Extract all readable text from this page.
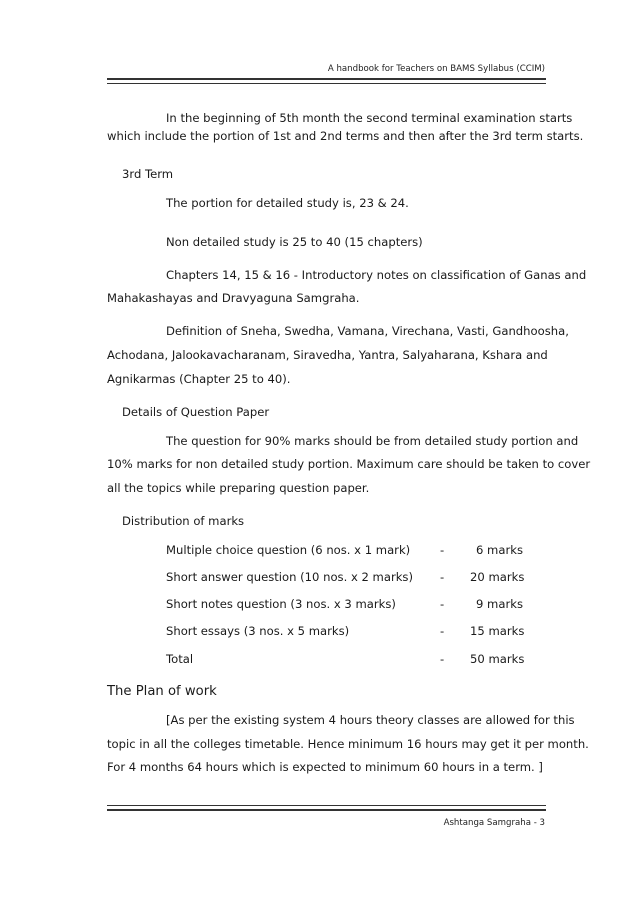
A handbook for Teachers on BAMS Syllabus (CCIM)
In the beginning of 5th month the second terminal examination starts
which include the portion of 1st and 2nd terms and then after the 3rd term starts.
3rd Term
The portion for detailed study is, 23 & 24.
Non detailed study is 25 to 40 (15 chapters)
Chapters 14, 15 & 16 - Introductory notes on classification of Ganas and
Mahakashayas and Dravyaguna Samgraha.
Definition of Sneha, Swedha, Vamana, Virechana, Vasti, Gandhoosha,
Achodana, Jalookavacharanam, Siravedha, Yantra, Salyaharana, Kshara and
Agnikarmas (Chapter 25 to 40).
Details of Question Paper
The question for 90% marks should be from detailed study portion and
10% marks for non detailed study portion. Maximum care should be taken to cover
all the topics while preparing question paper.
Distribution of marks
Multiple choice question (6 nos. x 1 mark)	-	6 marks
Short answer question (10 nos. x 2 marks) - 20 marks
Short notes question (3 nos. x 3 marks)	-	9 marks
Short essays (3 nos. x 5 marks)	- 15 marks
Total	- 50 marks
The Plan of work
[As per the existing system 4 hours theory classes are allowed for this
topic in all the colleges timetable. Hence minimum 16 hours may get it per month.
For 4 months 64 hours which is expected to minimum 60 hours in a term. ]
Ashtanga Samgraha - 3
